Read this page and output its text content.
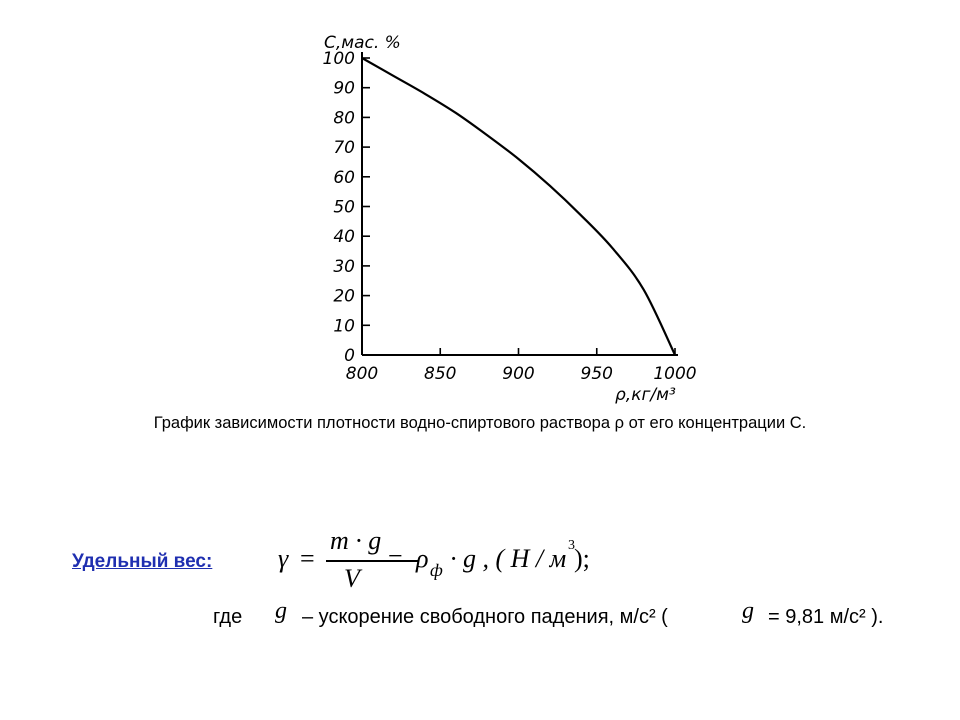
0
10
20
30
40
50
60
70
80
90
100
800	850	900	950 1000
С,мас. %
ρ,кг/м³
График зависимости плотности водно-спиртового раствора ρ от его концентрации С.
Удельный вес:	γ =
m · g
V
= ρ ф · g , ( H / м 3 );
где g – ускорение свободного падения, м/с² (	g = 9,81 м/с² ).
